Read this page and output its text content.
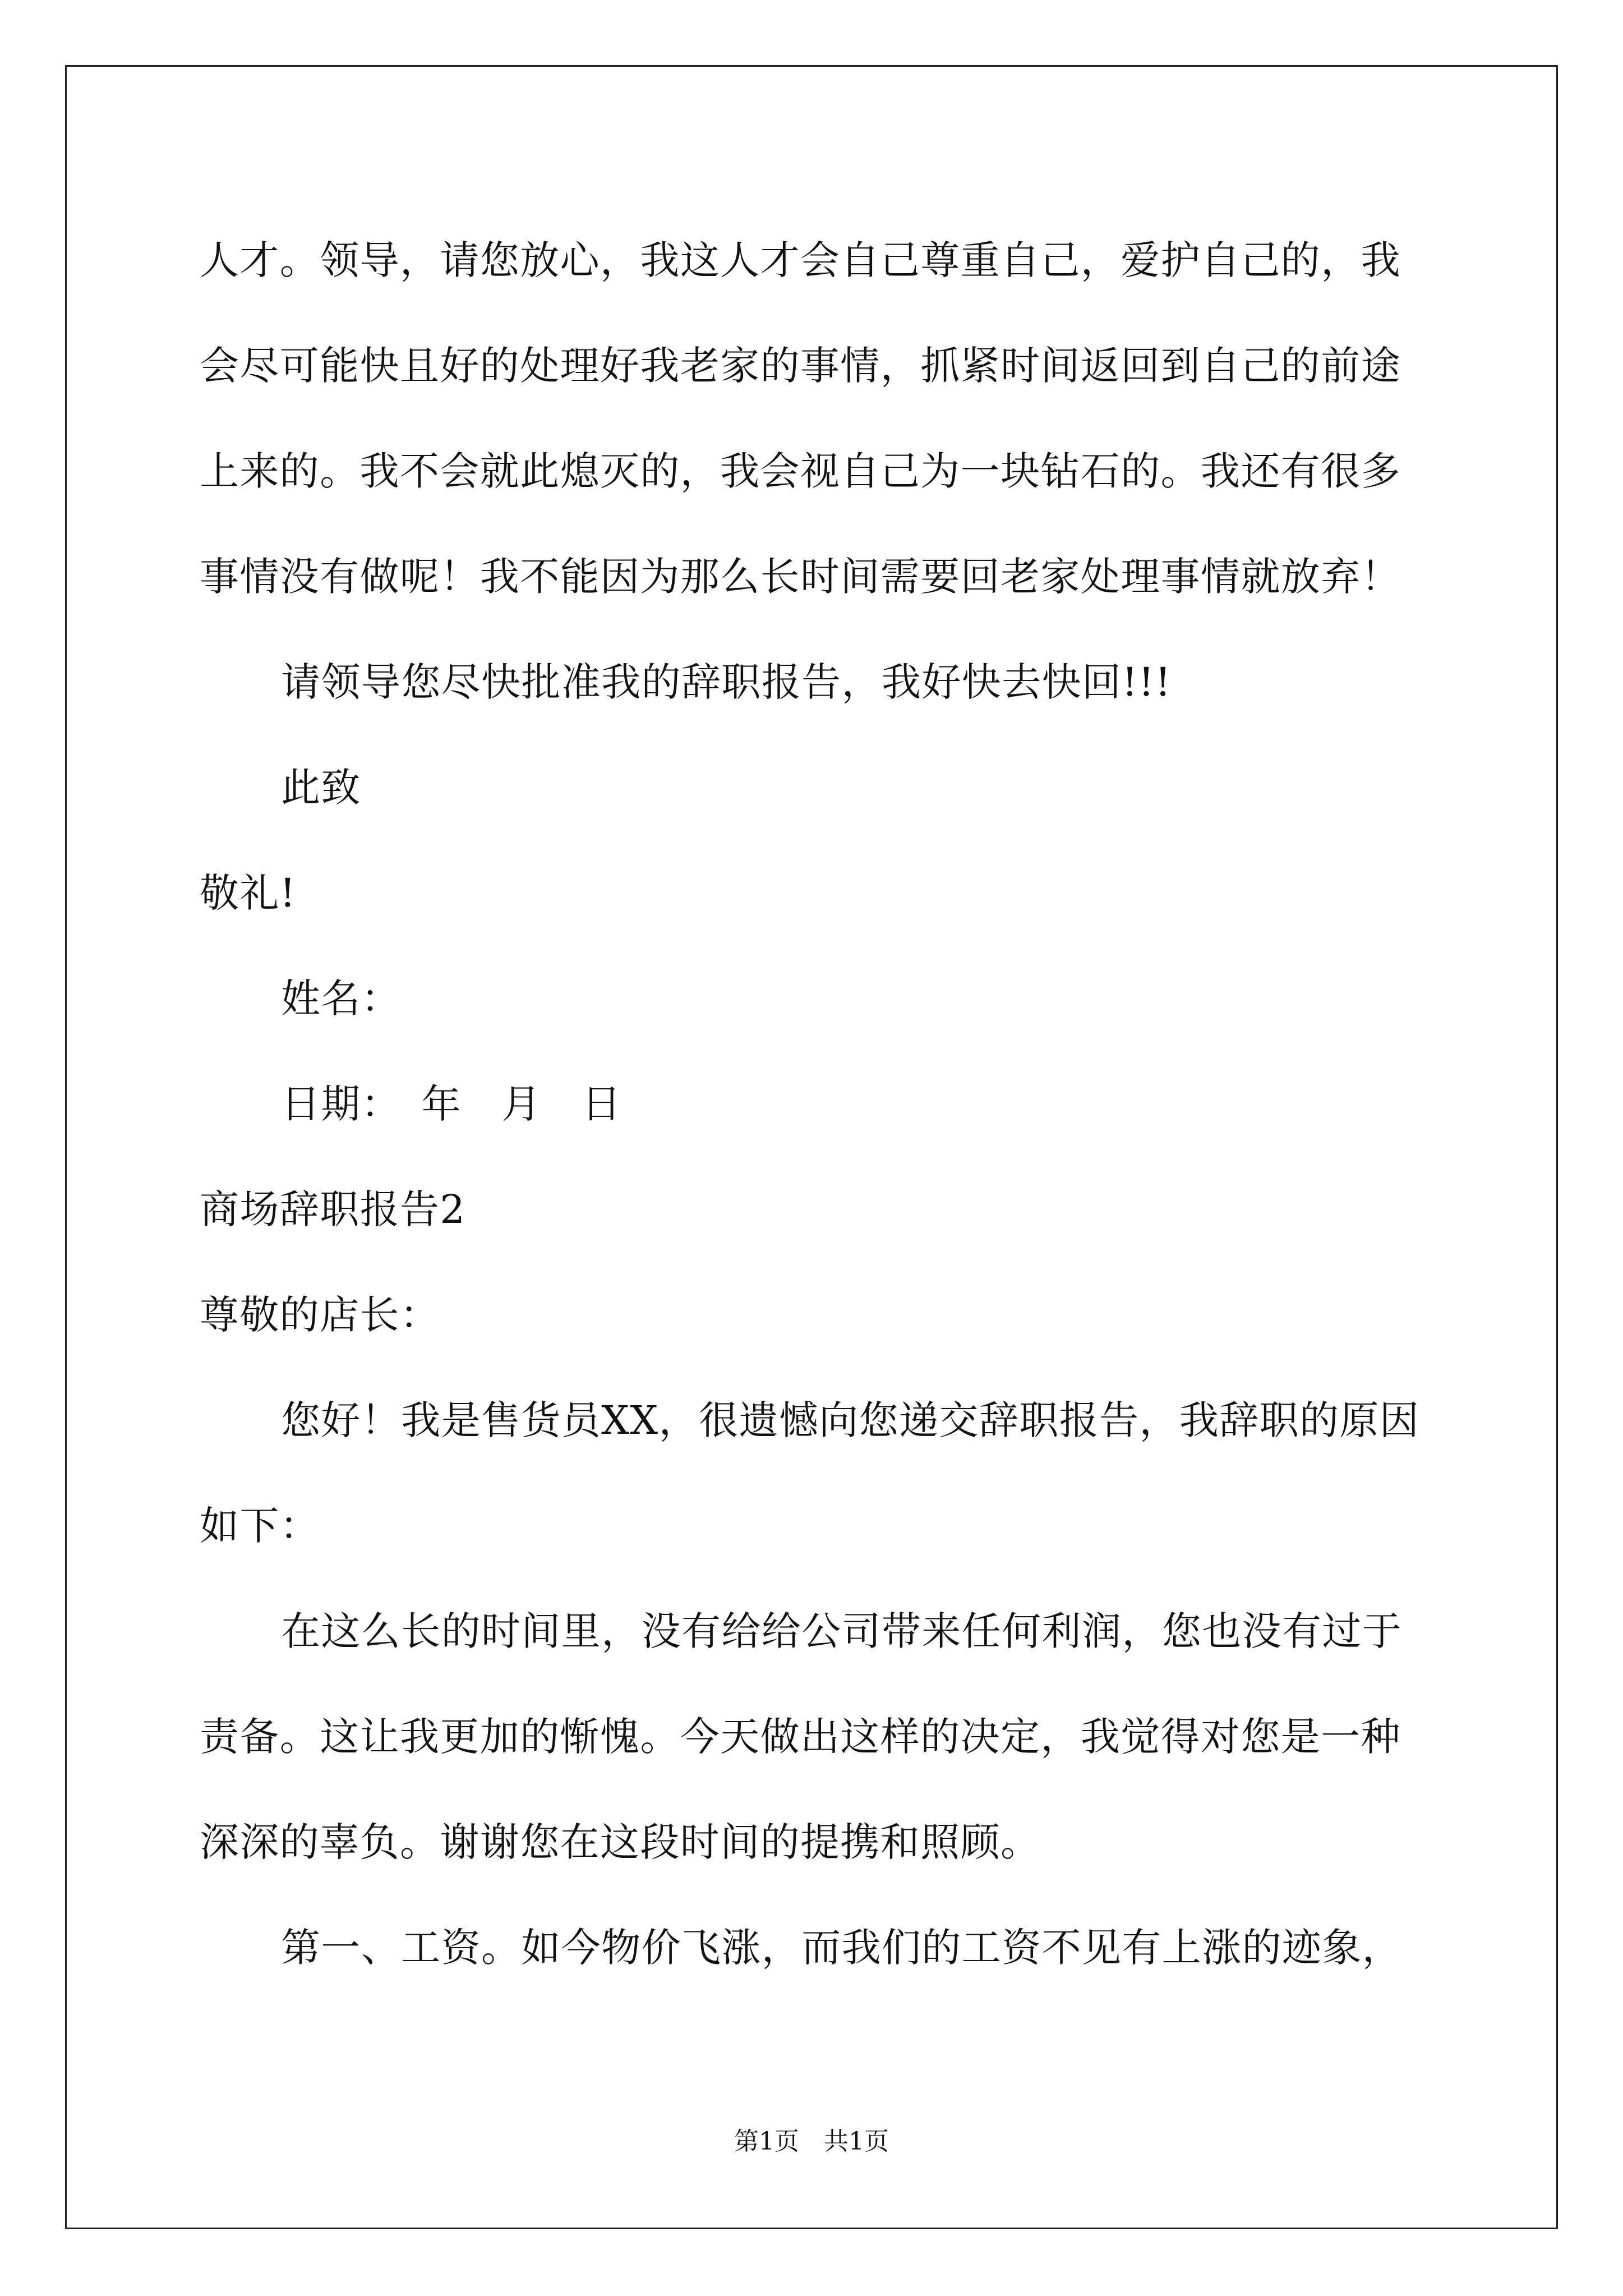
人才。领导，请您放心，我这人才会自己尊重自己，爱护自己的，我
会尽可能快且好的处理好我老家的事情，抓紧时间返回到自己的前途
上来的。我不会就此熄灭的，我会视自己为一块钻石的。我还有很多
事情没有做呢！我不能因为那么长时间需要回老家处理事情就放弃！
请领导您尽快批准我的辞职报告，我好快去快回!!!
此致
敬礼!
姓名：
日期：　年　月　日
商场辞职报告2
尊敬的店长：
您好！我是售货员XX，很遗憾向您递交辞职报告，我辞职的原因
如下：
在这么长的时间里，没有给给公司带来任何利润，您也没有过于
责备。这让我更加的惭愧。今天做出这样的决定，我觉得对您是一种
深深的辜负。谢谢您在这段时间的提携和照顾。
第一、工资。如今物价飞涨，而我们的工资不见有上涨的迹象，
第1页　共1页
